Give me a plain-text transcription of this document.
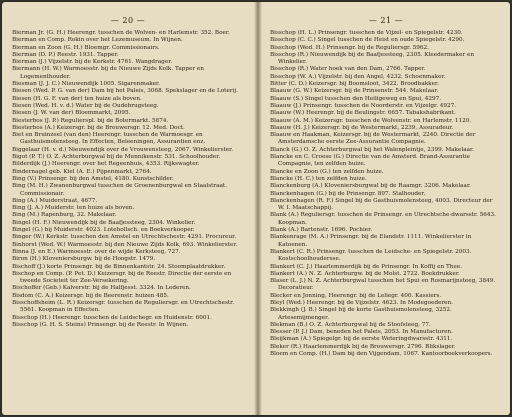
— 20 —
Bierman Jr. (G. H.) Heerengr. tusschen de Wolven- en Harlemstr. 352. Boer.
Bierman en Comp. Rokin over het Lezemuseum. In Wijnen.
Bierman en Zoon (G. H.) Bloemgr. Commissionairs.
Bierman (D. P.) Reestr. 1931. Tapper.
Bierman (J.) Vijzelstr. bij de Kerkstr. 4761. Wangdrager.
Biermann (H. W.) Warmoesstr. bij de Nieuwe Zijds Kolk. Tapper en Logementhouder.
Biesman (J. J. C.) Nieuwendijk 1005. Sigarenmaker.
Biesen (Wed. P. G. van der) Dam bij het Paleis, 3068. Spekslager en de Loterij.
Biesen (H. G. F. van der) ten huize als boven.
Biesen (Wed. H. v. d.) Water bij de Oudebrugsteeg.
Biesen (J. W. van der) Bloemmarkt, 2095.
Biesterbos (J. P.) Regulierspl. bij de Botermarkt. 5874.
Biesterbos (A.) Keizersgr. bij de Brouwersgr. 12. Med. Doct.
Biet en Bruinzeel (van den) Heerengr. tusschen de Warmoesgr. en Gasthuismolensteeg. In Effecten, Beleeningen, Assurantien enz.
Biggelaar (H. v. d.) Nieuwendijk over de Vrouwensteeg, 2067. Winkelierster.
Bigot (P. T.) O. Z. Achterburgwal bij de Munnikenstr. 531. Schoolhouder.
Bilderdijk (J.) Heerengr. over het Regeenhuis, 4353. Rijkswagter.
Bindernagel geb. Kiel (A. E.) Pijpenmarkt, 2764.
Bing (V.) Prinsengr. bij den Amstel, 4180. Kunstschilder.
Bing (M. H.) Zwanenburgwal tusschen de Groenenburgwal en Staalstraat. Commissionair.
Bing (A.) Muiderstraat, 4677.
Bing (J. A.) Muiderstr. ten huize als boven.
Bing (M.) Rapenburg, 32. Makelaar.
Bingel (H. F.) Nieuwendijk bij de Baafjessteeg, 2304. Winkelier.
Bingel (G.) bij Muiderstr. 4023. Lotehollsch. en Boekverkooper.
Binger (W.) Kerkstr. tusschen den Amstel en Utrechtschestr. 4291. Procureur.
Binhorst (Wed. W.) Warmoesstr. bij den Nieuwe Zijds Kolk, 693. Winkelierster.
Binna (J. en E.) Warmoesstr. over de wijde Kerksteeg, 727.
Biron (H.) Kloveniersburgw. bij de Hoogstr. 1479.
Bischoff (J.) korte Prinsengr. bij de Binnenkantstr. 24. Stoomplaatdrukker.
Bischop en Comp. (P. Pet. D.) Keizersgr. bij de Reestr. Directie der eerste en tweede Societeit ter Zee-Versekering.
Bischoffer (Geb.) Kalverstr. bij de Halfjesst. 3324. In Lederen.
Bisdom (C. A.) Keizersgr. bij de Beerenstr. huizen 485.
Bisschoffsheim (L. R.) Keizersgr. tusschen de Reguliersgr. en Utrechtschestr. 5561. Koopman in Effecten.
Bisschop (H.) Heerengr. tusschen de Leidschegr. en Huidenstr. 6001.
Bisschop (G. H. S. Steins) Prinsengr. bij de Reestr. In Wijnen.
— 21 —
Bisschop (H. L.) Prinsengr. tusschen de Vijzel- en Spiegelstr. 4230.
Bisschop (C. C.) Singel tusschen de Heist en oude Spiegelstr. 4290.
Bisschop (Wed. H.) Prinsengr. bij de Reguliersgr. 5962.
Bisschop (R.) Nieuwendijk bij de Baafjessteeg, 2305. Kleedermaker en Winkelier.
Bisschop (R.) Water hoek van den Dam, 2766. Tapper.
Bisschop (W. A.) Vijzelstr. bij den Angel, 4232. Schoenmaker.
Bitter (C. D.) Keizersgr. bij Boomsloot, 3422. Broodbakker.
Blaauw (G. W.) Keizersgr. bij de Prinsenstr. 544. Makelaar.
Blaauw (S.) Singel tusschen den Heiligeweg en Spui, 4297.
Blaauw (J.) Prinsengr. tusschen de Noorderstr. en Vijzelgr. 4927.
Blaauw (W.) Heerengr. bij de Beulingstr. 6657. Tabakshabrikant.
Blaauw (A. M.) Keizersgr. tusschen de Wolvenstr. en Harlemstr. 1120.
Blaauw (H. J.) Keizersgr. bij de Westermarkt, 2239. Assuradeur.
Blaauw en Haakman, Keizersgr. bij de Westermarkt, 2240. Directie der Amsterdamsche eerste Zee-Assurantie Compagnie.
Blanck (G.) O. Z. Achterburgwal bij het Walenpleintje, 2399. Makelaar.
Blancke en C. Croese (G.) Directie van de Amsterd. Brand-Assurantie Compagnie, ten zelfden huize.
Blancke en Zoon (G.) ten zelfden huize.
Blancke (H. C.) ten zelfden huize.
Blanckenburg (A.) Kloveniersburgwal bij de Raamgr. 3206. Makelaar.
Blanckenhagen (G.) bij de Prinsengr. 897. Stalhouder.
Blanckenhagen (R. F.) Singel bij de Gasthuismolensteeg, 4003. Directeur der W. I. Maatschappij.
Blank (A.) Reguliersgr. tusschen de Prinsengr. en Utrechtsche-dwarsstr. 5643. Koopman.
Blank (A.) Bartenstr. 1696. Pochier.
Blankenrage (M. A.) Prinsengr. bij de Elandstr. 1111. Winkelierster in Katoenen.
Blankert (C. R.) Prinsengr. tusschen de Leidsche- en Spiegelstr. 2003. Kostschoolhoudersse.
Blankert (C. J.) Haarlemmerdijk bij de Prinsengr. In Koffij en Thee.
Blankert (A.) N. Z. Achterburgw. bij de Molst. 2722. Boekdrukker.
Blaser (L. J.) N. Z. Achterburgwal tusschen het Spui en Rosmarijnsteeg, 3849. Decoratieur.
Blecker en Jonning, Heerengr. bij de Leliegr. 400. Kassiers.
Bleyl (Wed.) Heerengr. bij de Vijzelstr. 4623. In Modegoederen.
Blekkingh (J. B.) Singel bij de korte Gasthuismolensteeg, 3252. Artesemijmenger.
Blekman (B.) O. Z. Achterburgwal bij de Stoofsteeg, 77.
Blesser (P. J.) Dam, beneden het Paleis, 2053. In Manufacturen.
Bleijkman (A.) Spiegelgr. bij de eerste Weteringdwarsstr. 4311.
Bleker (R.) Haarlemmerdijk bij de Brouwersgr. 2796. Blikslager.
Bloem en Comp. (H.) Dam bij den Vijgendam, 1067. Kantoorboekverkoopers.
